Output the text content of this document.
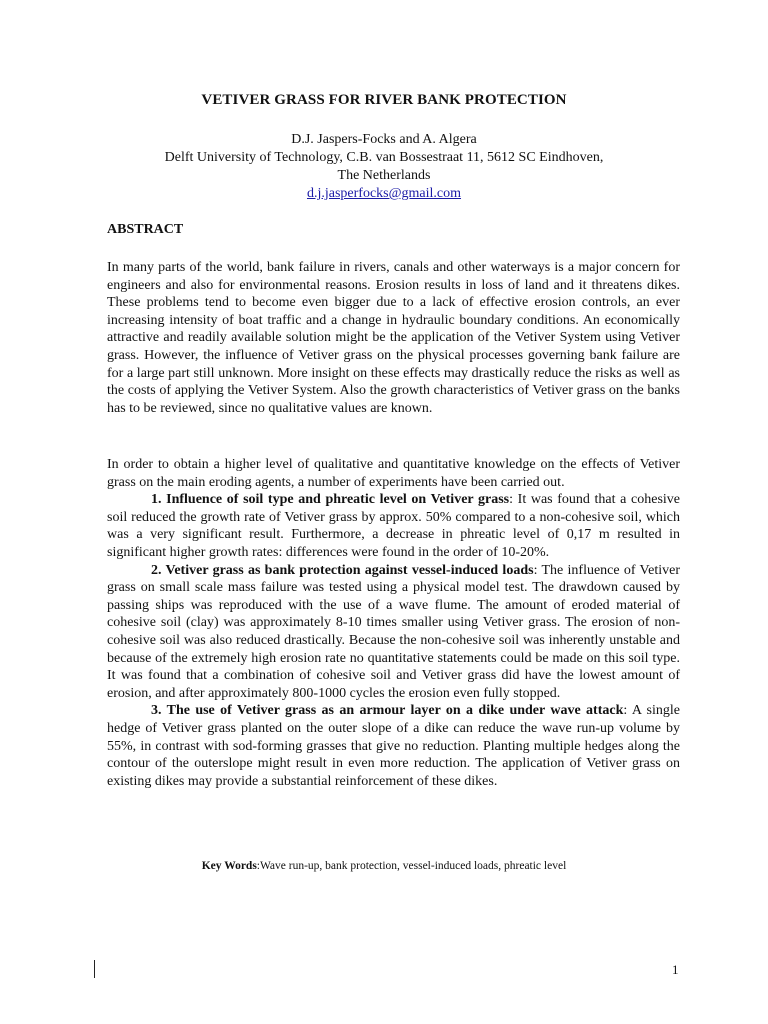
VETIVER GRASS FOR RIVER BANK PROTECTION
D.J. Jaspers-Focks and A. Algera
Delft University of Technology, C.B. van Bossestraat 11, 5612 SC Eindhoven,
The Netherlands
d.j.jasperfocks@gmail.com
ABSTRACT
In many parts of the world, bank failure in rivers, canals and other waterways is a major concern for engineers and also for environmental reasons. Erosion results in loss of land and it threatens dikes. These problems tend to become even bigger due to a lack of effective erosion controls, an ever increasing intensity of boat traffic and a change in hydraulic boundary conditions. An economically attractive and readily available solution might be the application of the Vetiver System using Vetiver grass. However, the influence of Vetiver grass on the physical processes governing bank failure are for a large part still unknown. More insight on these effects may drastically reduce the risks as well as the costs of applying the Vetiver System. Also the growth characteristics of Vetiver grass on the banks has to be reviewed, since no qualitative values are known.
In order to obtain a higher level of qualitative and quantitative knowledge on the effects of Vetiver grass on the main eroding agents, a number of experiments have been carried out.
1. Influence of soil type and phreatic level on Vetiver grass: It was found that a cohesive soil reduced the growth rate of Vetiver grass by approx. 50% compared to a non-cohesive soil, which was a very significant result. Furthermore, a decrease in phreatic level of 0,17 m resulted in significant higher growth rates: differences were found in the order of 10-20%.
2. Vetiver grass as bank protection against vessel-induced loads: The influence of Vetiver grass on small scale mass failure was tested using a physical model test. The drawdown caused by passing ships was reproduced with the use of a wave flume. The amount of eroded material of cohesive soil (clay) was approximately 8-10 times smaller using Vetiver grass. The erosion of non-cohesive soil was also reduced drastically. Because the non-cohesive soil was inherently unstable and because of the extremely high erosion rate no quantitative statements could be made on this soil type. It was found that a combination of cohesive soil and Vetiver grass did have the lowest amount of erosion, and after approximately 800-1000 cycles the erosion even fully stopped.
3. The use of Vetiver grass as an armour layer on a dike under wave attack: A single hedge of Vetiver grass planted on the outer slope of a dike can reduce the wave run-up volume by 55%, in contrast with sod-forming grasses that give no reduction. Planting multiple hedges along the contour of the outerslope might result in even more reduction. The application of Vetiver grass on existing dikes may provide a substantial reinforcement of these dikes.
Key Words:Wave run-up, bank protection, vessel-induced loads, phreatic level
1
